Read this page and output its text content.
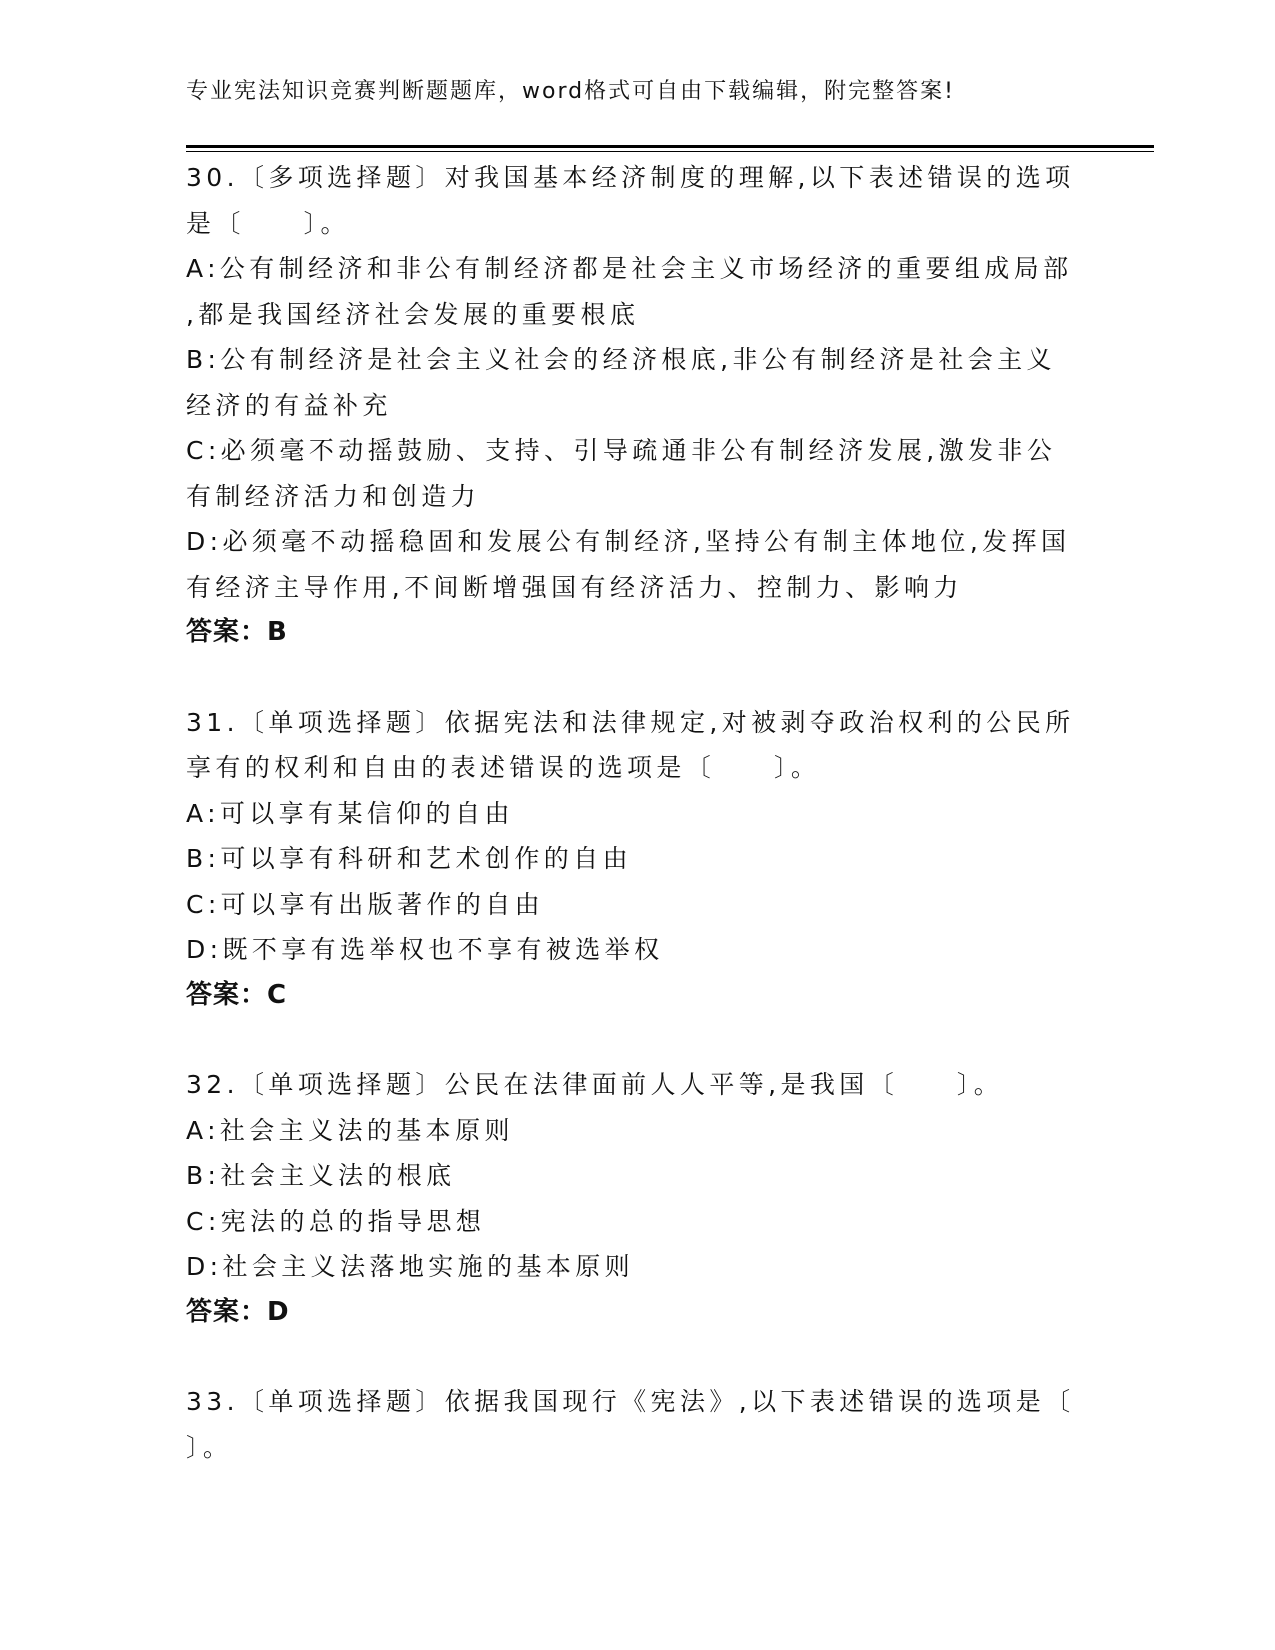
专业宪法知识竞赛判断题题库，word格式可自由下载编辑，附完整答案!
30.〔多项选择题〕对我国基本经济制度的理解,以下表述错误的选项
是〔　　〕。
A:公有制经济和非公有制经济都是社会主义市场经济的重要组成局部
,都是我国经济社会发展的重要根底
B:公有制经济是社会主义社会的经济根底,非公有制经济是社会主义
经济的有益补充
C:必须毫不动摇鼓励、支持、引导疏通非公有制经济发展,激发非公
有制经济活力和创造力
D:必须毫不动摇稳固和发展公有制经济,坚持公有制主体地位,发挥国
有经济主导作用,不间断增强国有经济活力、控制力、影响力
答案：B
31.〔单项选择题〕依据宪法和法律规定,对被剥夺政治权利的公民所
享有的权利和自由的表述错误的选项是〔　　〕。
A:可以享有某信仰的自由
B:可以享有科研和艺术创作的自由
C:可以享有出版著作的自由
D:既不享有选举权也不享有被选举权
答案：C
32.〔单项选择题〕公民在法律面前人人平等,是我国〔　　〕。
A:社会主义法的基本原则
B:社会主义法的根底
C:宪法的总的指导思想
D:社会主义法落地实施的基本原则
答案：D
33.〔单项选择题〕依据我国现行《宪法》,以下表述错误的选项是〔
〕。
